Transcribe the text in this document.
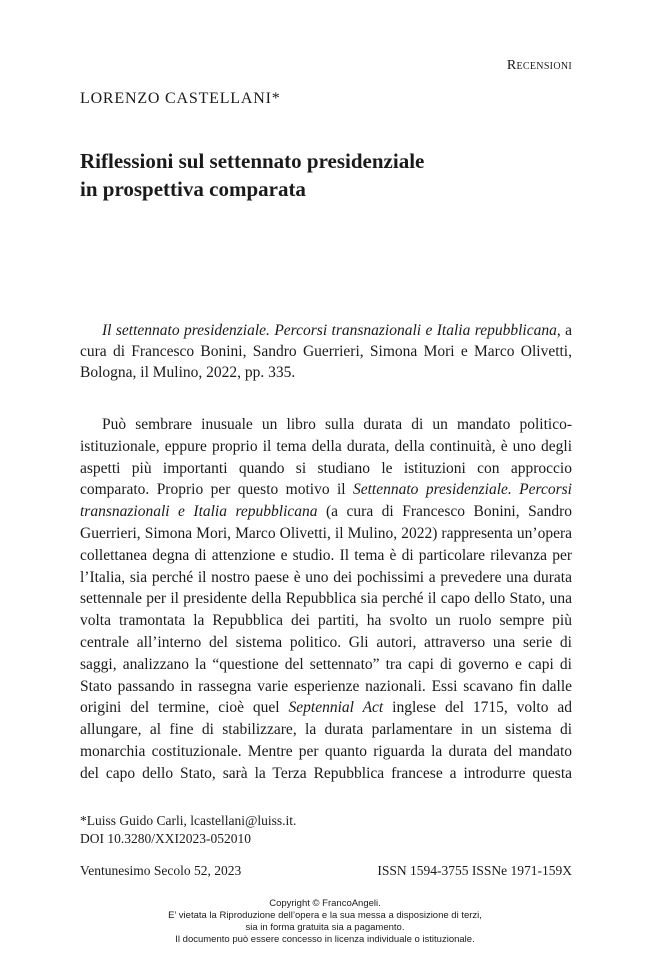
Recensioni
LORENZO CASTELLANI*
Riflessioni sul settennato presidenziale
in prospettiva comparata

Il settennato presidenziale. Percorsi transnazionali e Italia repubblicana, a cura di Francesco Bonini, Sandro Guerrieri, Simona Mori e Marco Olivetti, Bologna, il Mulino, 2022, pp. 335.

Può sembrare inusuale un libro sulla durata di un mandato politico-istituzionale, eppure proprio il tema della durata, della continuità, è uno degli aspetti più importanti quando si studiano le istituzioni con approccio comparato. Proprio per questo motivo il Settennato presidenziale. Percorsi transnazionali e Italia repubblicana (a cura di Francesco Bonini, Sandro Guerrieri, Simona Mori, Marco Olivetti, il Mulino, 2022) rappresenta un’opera collettanea degna di attenzione e studio. Il tema è di particolare rilevanza per l’Italia, sia perché il nostro paese è uno dei pochissimi a prevedere una durata settennale per il presidente della Repubblica sia perché il capo dello Stato, una volta tramontata la Repubblica dei partiti, ha svolto un ruolo sempre più centrale all’interno del sistema politico. Gli autori, attraverso una serie di saggi, analizzano la “questione del settennato” tra capi di governo e capi di Stato passando in rassegna varie esperienze nazionali. Essi scavano fin dalle origini del termine, cioè quel Septennial Act inglese del 1715, volto ad allungare, al fine di stabilizzare, la durata parlamentare in un sistema di monarchia costituzionale. Mentre per quanto riguarda la durata del mandato del capo dello Stato, sarà la Terza Repubblica francese a introdurre questa

*Luiss Guido Carli, lcastellani@luiss.it.
DOI 10.3280/XXI2023-052010
Ventunesimo Secolo 52, 2023	ISSN 1594-3755 ISSNe 1971-159X
Copyright © FrancoAngeli.
E’ vietata la Riproduzione dell’opera e la sua messa a disposizione di terzi,
sia in forma gratuita sia a pagamento.
Il documento può essere concesso in licenza individuale o istituzionale.
